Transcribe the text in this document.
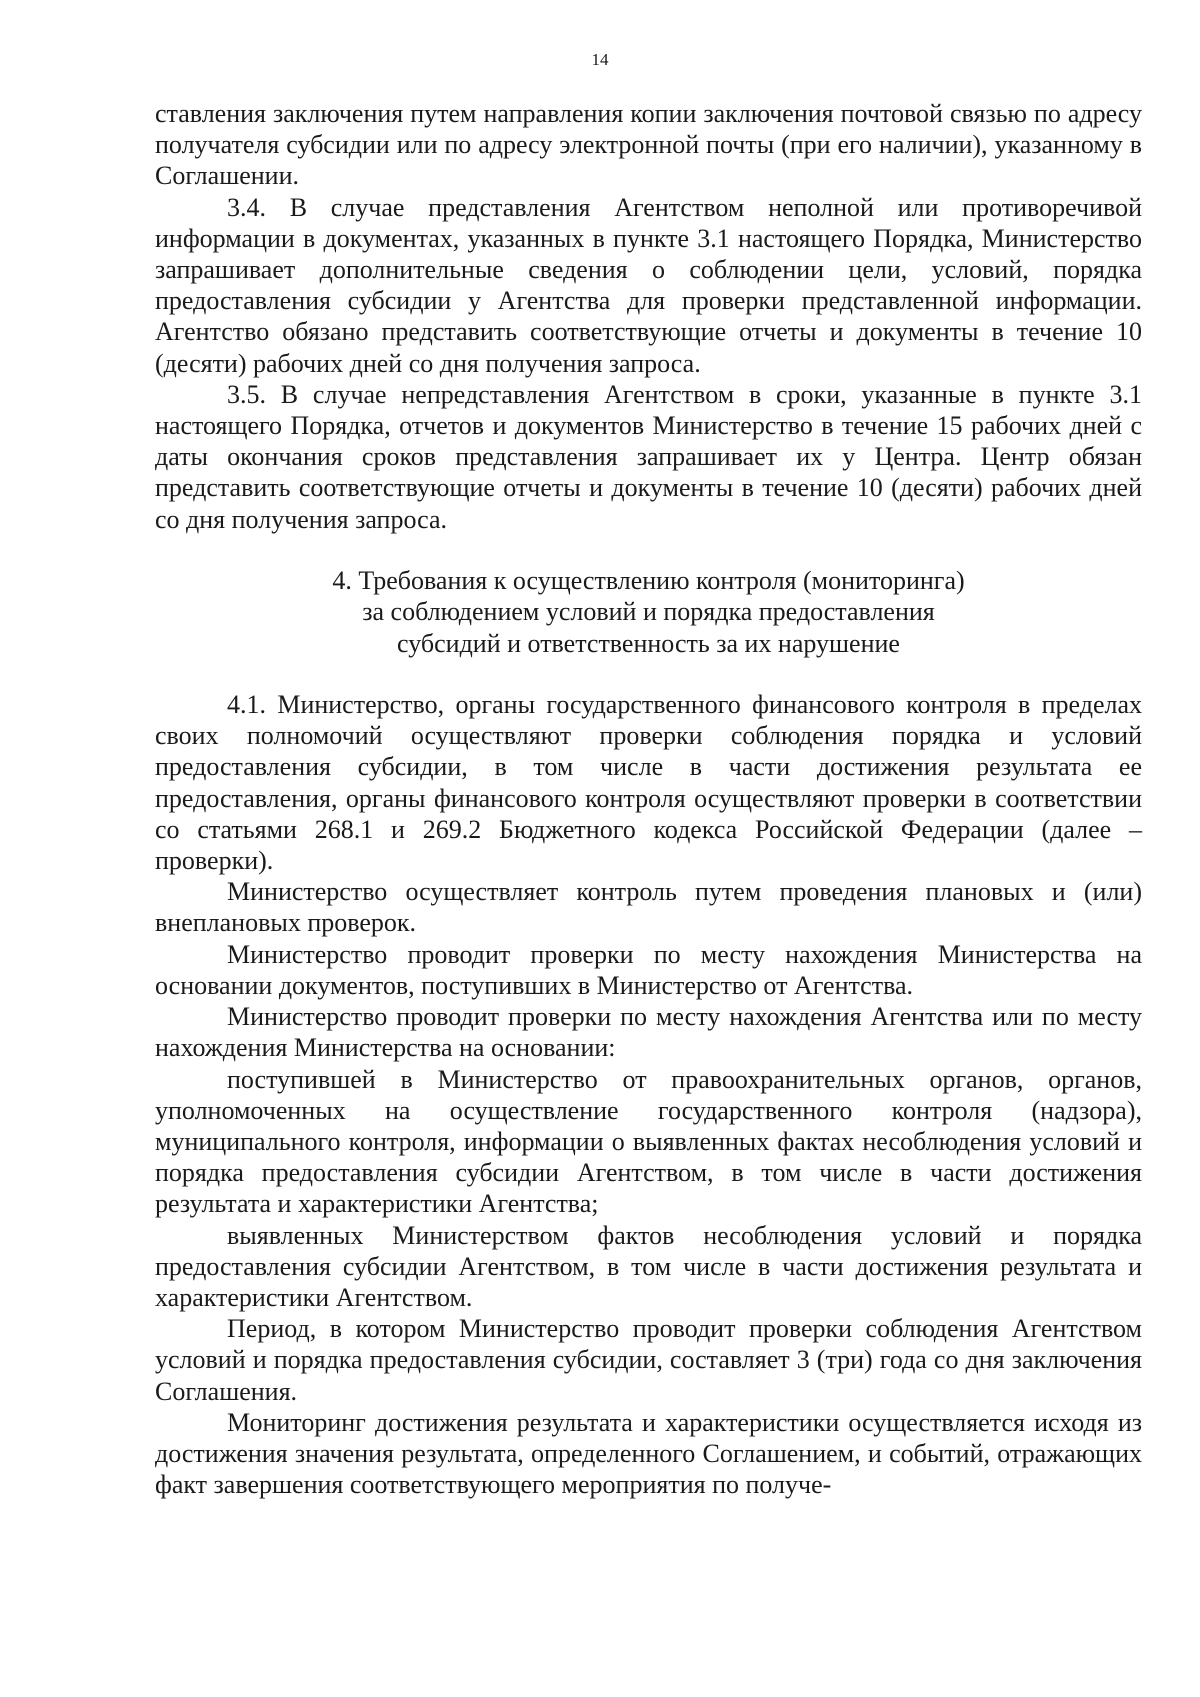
14

ставления заключения путем направления копии заключения почтовой связью по адресу получателя субсидии или по адресу электронной почты (при его наличии), указанному в Соглашении.

3.4. В случае представления Агентством неполной или противоречивой информации в документах, указанных в пункте 3.1 настоящего Порядка, Министерство запрашивает дополнительные сведения о соблюдении цели, условий, порядка предоставления субсидии у Агентства для проверки представленной информации. Агентство обязано представить соответствующие отчеты и документы в течение 10 (десяти) рабочих дней со дня получения запроса.

3.5. В случае непредставления Агентством в сроки, указанные в пункте 3.1 настоящего Порядка, отчетов и документов Министерство в течение 15 рабочих дней с даты окончания сроков представления запрашивает их у Центра. Центр обязан представить соответствующие отчеты и документы в течение 10 (десяти) рабочих дней со дня получения запроса.

4. Требования к осуществлению контроля (мониторинга)
за соблюдением условий и порядка предоставления
субсидий и ответственность за их нарушение

4.1. Министерство, органы государственного финансового контроля в пределах своих полномочий осуществляют проверки соблюдения порядка и условий предоставления субсидии, в том числе в части достижения результата ее предоставления, органы финансового контроля осуществляют проверки в соответствии со статьями 268.1 и 269.2 Бюджетного кодекса Российской Федерации (далее – проверки).

Министерство осуществляет контроль путем проведения плановых и (или) внеплановых проверок.

Министерство проводит проверки по месту нахождения Министерства на основании документов, поступивших в Министерство от Агентства.

Министерство проводит проверки по месту нахождения Агентства или по месту нахождения Министерства на основании:

поступившей в Министерство от правоохранительных органов, органов, уполномоченных на осуществление государственного контроля (надзора), муниципального контроля, информации о выявленных фактах несоблюдения условий и порядка предоставления субсидии Агентством, в том числе в части достижения результата и характеристики Агентства;

выявленных Министерством фактов несоблюдения условий и порядка предоставления субсидии Агентством, в том числе в части достижения результата и характеристики Агентством.

Период, в котором Министерство проводит проверки соблюдения Агентством условий и порядка предоставления субсидии, составляет 3 (три) года со дня заключения Соглашения.

Мониторинг достижения результата и характеристики осуществляется исходя из достижения значения результата, определенного Соглашением, и событий, отражающих факт завершения соответствующего мероприятия по получе-
